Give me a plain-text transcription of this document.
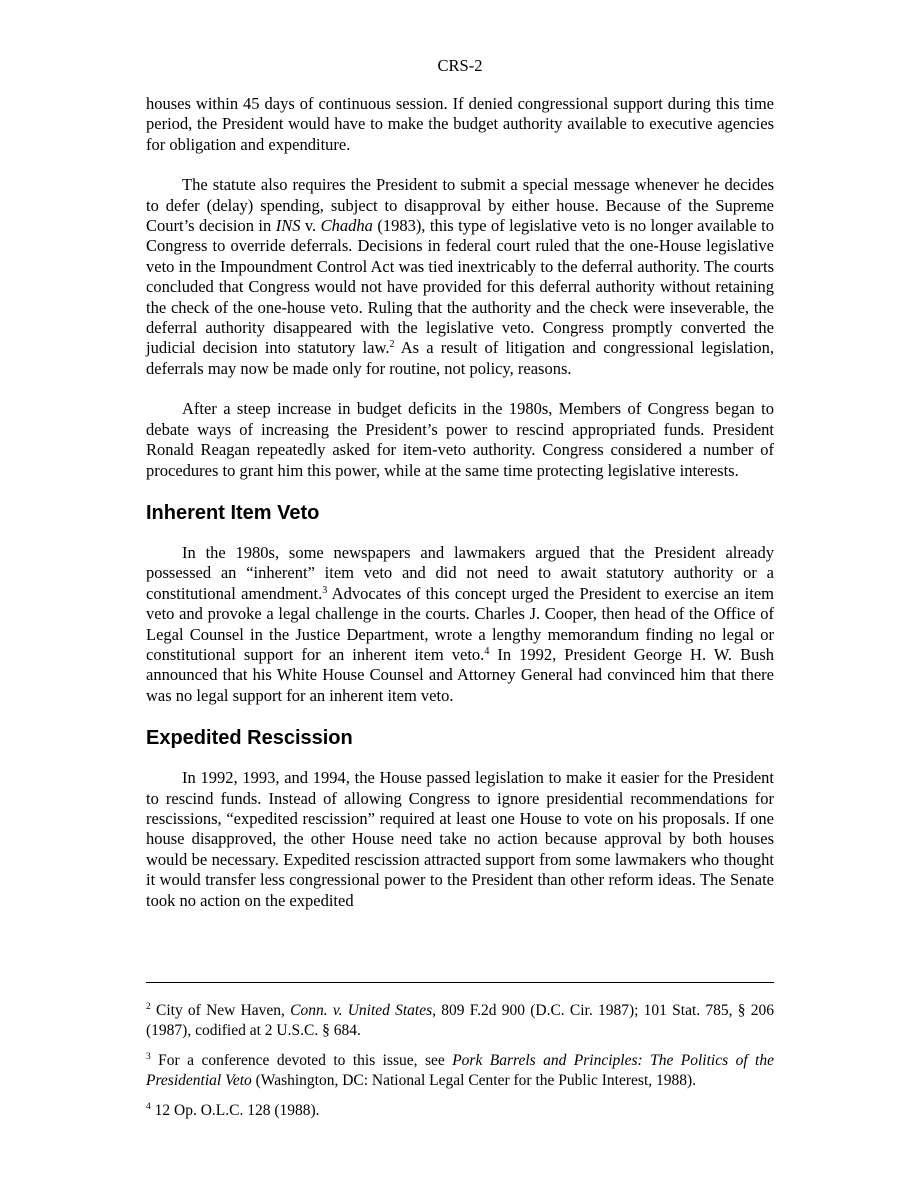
CRS-2

houses within 45 days of continuous session. If denied congressional support during this time period, the President would have to make the budget authority available to executive agencies for obligation and expenditure.

The statute also requires the President to submit a special message whenever he decides to defer (delay) spending, subject to disapproval by either house. Because of the Supreme Court’s decision in INS v. Chadha (1983), this type of legislative veto is no longer available to Congress to override deferrals. Decisions in federal court ruled that the one-House legislative veto in the Impoundment Control Act was tied inextricably to the deferral authority. The courts concluded that Congress would not have provided for this deferral authority without retaining the check of the one-house veto. Ruling that the authority and the check were inseverable, the deferral authority disappeared with the legislative veto. Congress promptly converted the judicial decision into statutory law.$^2$ As a result of litigation and congressional legislation, deferrals may now be made only for routine, not policy, reasons.

After a steep increase in budget deficits in the 1980s, Members of Congress began to debate ways of increasing the President’s power to rescind appropriated funds. President Ronald Reagan repeatedly asked for item-veto authority. Congress considered a number of procedures to grant him this power, while at the same time protecting legislative interests.

Inherent Item Veto

In the 1980s, some newspapers and lawmakers argued that the President already possessed an “inherent” item veto and did not need to await statutory authority or a constitutional amendment.$^3$ Advocates of this concept urged the President to exercise an item veto and provoke a legal challenge in the courts. Charles J. Cooper, then head of the Office of Legal Counsel in the Justice Department, wrote a lengthy memorandum finding no legal or constitutional support for an inherent item veto.$^4$ In 1992, President George H. W. Bush announced that his White House Counsel and Attorney General had convinced him that there was no legal support for an inherent item veto.

Expedited Rescission

In 1992, 1993, and 1994, the House passed legislation to make it easier for the President to rescind funds. Instead of allowing Congress to ignore presidential recommendations for rescissions, “expedited rescission” required at least one House to vote on his proposals. If one house disapproved, the other House need take no action because approval by both houses would be necessary. Expedited rescission attracted support from some lawmakers who thought it would transfer less congressional power to the President than other reform ideas. The Senate took no action on the expedited

$^2$ City of New Haven, Conn. v. United States, 809 F.2d 900 (D.C. Cir. 1987); 101 Stat. 785, § 206 (1987), codified at 2 U.S.C. § 684.

$^3$ For a conference devoted to this issue, see Pork Barrels and Principles: The Politics of the Presidential Veto (Washington, DC: National Legal Center for the Public Interest, 1988).

$^4$ 12 Op. O.L.C. 128 (1988).
